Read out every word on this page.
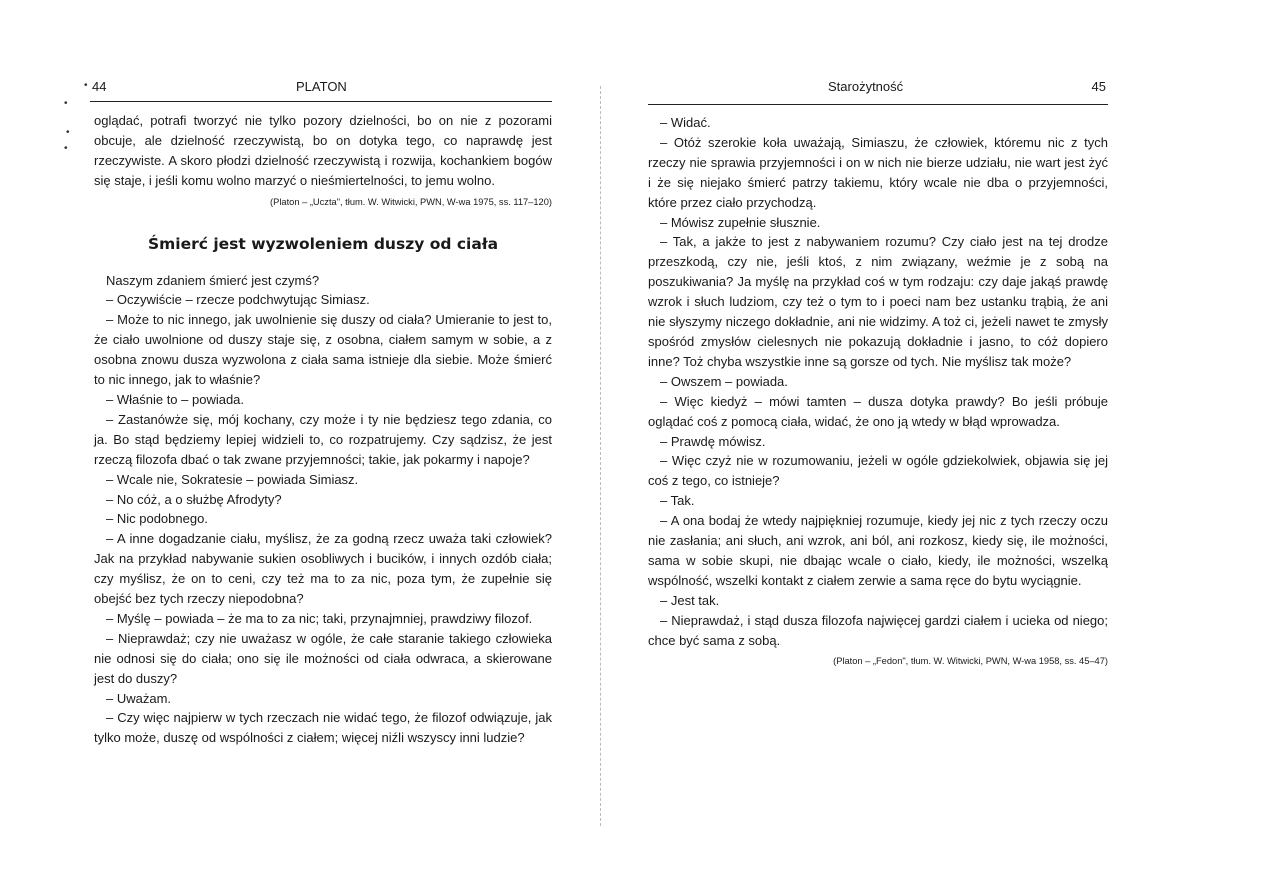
•
•
•
•
44	PLATON

oglądać, potrafi tworzyć nie tylko pozory dzielności, bo on nie z pozorami obcuje, ale dzielność rzeczywistą, bo on dotyka tego, co naprawdę jest rzeczywiste. A skoro płodzi dzielność rzeczywistą i rozwija, kochankiem bogów się staje, i jeśli komu wolno marzyć o nieśmiertelności, to jemu wolno.

(Platon – „Uczta", tłum. W. Witwicki, PWN, W-wa 1975, ss. 117–120)

Śmierć jest wyzwoleniem duszy od ciała

Naszym zdaniem śmierć jest czymś?

– Oczywiście – rzecze podchwytując Simiasz.

– Może to nic innego, jak uwolnienie się duszy od ciała? Umieranie to jest to, że ciało uwolnione od duszy staje się, z osobna, ciałem samym w sobie, a z osobna znowu dusza wyzwolona z ciała sama istnieje dla siebie. Może śmierć to nic innego, jak to właśnie?

– Właśnie to – powiada.

– Zastanówże się, mój kochany, czy może i ty nie będziesz tego zdania, co ja. Bo stąd będziemy lepiej widzieli to, co rozpatrujemy. Czy sądzisz, że jest rzeczą filozofa dbać o tak zwane przyjemności; takie, jak pokarmy i napoje?

– Wcale nie, Sokratesie – powiada Simiasz.

– No cóż, a o służbę Afrodyty?

– Nic podobnego.

– A inne dogadzanie ciału, myślisz, że za godną rzecz uważa taki człowiek? Jak na przykład nabywanie sukien osobliwych i bucików, i innych ozdób ciała; czy myślisz, że on to ceni, czy też ma to za nic, poza tym, że zupełnie się obejść bez tych rzeczy niepodobna?

– Myślę – powiada – że ma to za nic; taki, przynajmniej, prawdziwy filozof.

– Nieprawdaż; czy nie uważasz w ogóle, że całe staranie takiego człowieka nie odnosi się do ciała; ono się ile możności od ciała odwraca, a skierowane jest do duszy?

– Uważam.

– Czy więc najpierw w tych rzeczach nie widać tego, że filozof odwiązuje, jak tylko może, duszę od wspólności z ciałem; więcej niźli wszyscy inni ludzie?

Starożytność	45

– Widać.

– Otóż szerokie koła uważają, Simiaszu, że człowiek, któremu nic z tych rzeczy nie sprawia przyjemności i on w nich nie bierze udziału, nie wart jest żyć i że się niejako śmierć patrzy takiemu, który wcale nie dba o przyjemności, które przez ciało przychodzą.

– Mówisz zupełnie słusznie.

– Tak, a jakże to jest z nabywaniem rozumu? Czy ciało jest na tej drodze przeszkodą, czy nie, jeśli ktoś, z nim związany, weźmie je z sobą na poszukiwania? Ja myślę na przykład coś w tym rodzaju: czy daje jakąś prawdę wzrok i słuch ludziom, czy też o tym to i poeci nam bez ustanku trąbią, że ani nie słyszymy niczego dokładnie, ani nie widzimy. A toż ci, jeżeli nawet te zmysły spośród zmysłów cielesnych nie pokazują dokładnie i jasno, to cóż dopiero inne? Toż chyba wszystkie inne są gorsze od tych. Nie myślisz tak może?

– Owszem – powiada.

– Więc kiedyż – mówi tamten – dusza dotyka prawdy? Bo jeśli próbuje oglądać coś z pomocą ciała, widać, że ono ją wtedy w błąd wprowadza.

– Prawdę mówisz.

– Więc czyż nie w rozumowaniu, jeżeli w ogóle gdziekolwiek, objawia się jej coś z tego, co istnieje?

– Tak.

– A ona bodaj że wtedy najpiękniej rozumuje, kiedy jej nic z tych rzeczy oczu nie zasłania; ani słuch, ani wzrok, ani ból, ani rozkosz, kiedy się, ile możności, sama w sobie skupi, nie dbając wcale o ciało, kiedy, ile możności, wszelką wspólność, wszelki kontakt z ciałem zerwie a sama ręce do bytu wyciągnie.

– Jest tak.

– Nieprawdaż, i stąd dusza filozofa najwięcej gardzi ciałem i ucieka od niego; chce być sama z sobą.

(Platon – „Fedon", tłum. W. Witwicki, PWN, W-wa 1958, ss. 45–47)
